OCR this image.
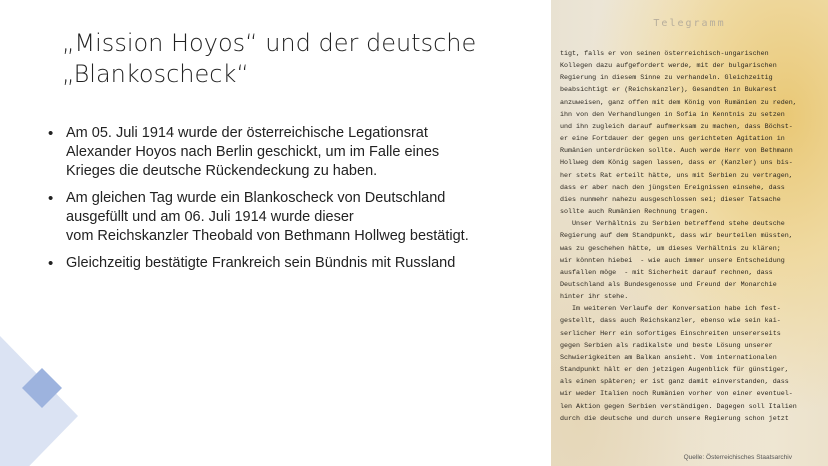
„Mission Hoyos“ und der deutsche
„Blankoscheck“
• Am 05. Juli 1914 wurde der österreichische Legationsrat
Alexander Hoyos nach Berlin geschickt, um im Falle eines
Krieges die deutsche Rückendeckung zu haben.
• Am gleichen Tag wurde ein Blankoscheck von Deutschland
ausgefüllt und am 06. Juli 1914 wurde dieser
vom Reichskanzler Theobald von Bethmann Hollweg bestätigt.
• Gleichzeitig bestätigte Frankreich sein Bündnis mit Russland
Telegramm
tigt, falls er von seinen österreichisch-ungarischen
Kollegen dazu aufgefordert werde, mit der bulgarischen
Regierung in diesem Sinne zu verhandeln. Gleichzeitig
beabsichtigt er (Reichskanzler), Gesandten in Bukarest
anzuweisen, ganz offen mit dem König von Rumänien zu reden,
ihn von den Verhandlungen in Sofia in Kenntnis zu setzen
und ihn zugleich darauf aufmerksam zu machen, dass Böchst-
er eine Fortdauer der gegen uns gerichteten Agitation in
Rumänien unterdrücken sollte. Auch werde Herr von Bethmann
Hollweg dem König sagen lassen, dass er (Kanzler) uns bis-
her stets Rat erteilt hätte, uns mit Serbien zu vertragen,
dass er aber nach den jüngsten Ereignissen einsehe, dass
dies nunmehr nahezu ausgeschlossen sei; dieser Tatsache
sollte auch Rumänien Rechnung tragen.
Unser Verhältnis zu Serbien betreffend stehe deutsche
Regierung auf dem Standpunkt, dass wir beurteilen müssten,
was zu geschehen hätte, um dieses Verhältnis zu klären;
wir könnten hiebei  - wie auch immer unsere Entscheidung
ausfallen möge  - mit Sicherheit darauf rechnen, dass
Deutschland als Bundesgenosse und Freund der Monarchie
hinter ihr stehe.
Im weiteren Verlaufe der Konversation habe ich fest-
gestellt, dass auch Reichskanzler, ebenso wie sein kai-
serlicher Herr ein sofortiges Einschreiten unsererseits
gegen Serbien als radikalste und beste Lösung unserer
Schwierigkeiten am Balkan ansieht. Vom internationalen
Standpunkt hält er den jetzigen Augenblick für günstiger,
als einen späteren; er ist ganz damit einverstanden, dass
wir weder Italien noch Rumänien vorher von einer eventuel-
len Aktion gegen Serbien verständigen. Dagegen soll Italien
durch die deutsche und durch unsere Regierung schon jetzt
Quelle: Österreichisches Staatsarchiv
